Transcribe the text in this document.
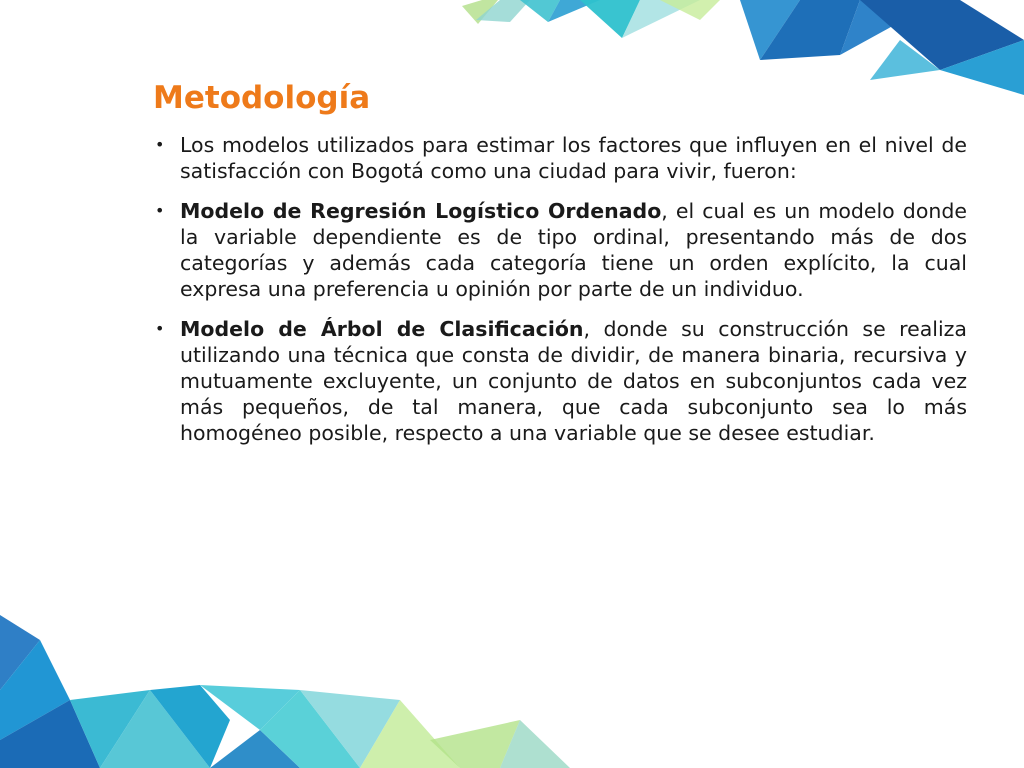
Metodología
• Los modelos utilizados para estimar los factores que influyen en el nivel de satisfacción con Bogotá como una ciudad para vivir, fueron:
• Modelo de Regresión Logístico Ordenado, el cual es un modelo donde la variable dependiente es de tipo ordinal, presentando más de dos categorías y además cada categoría tiene un orden explícito, la cual expresa una preferencia u opinión por parte de un individuo.
• Modelo de Árbol de Clasificación, donde su construcción se realiza utilizando una técnica que consta de dividir, de manera binaria, recursiva y mutuamente excluyente, un conjunto de datos en subconjuntos cada vez más pequeños, de tal manera, que cada subconjunto sea lo más homogéneo posible, respecto a una variable que se desee estudiar.
